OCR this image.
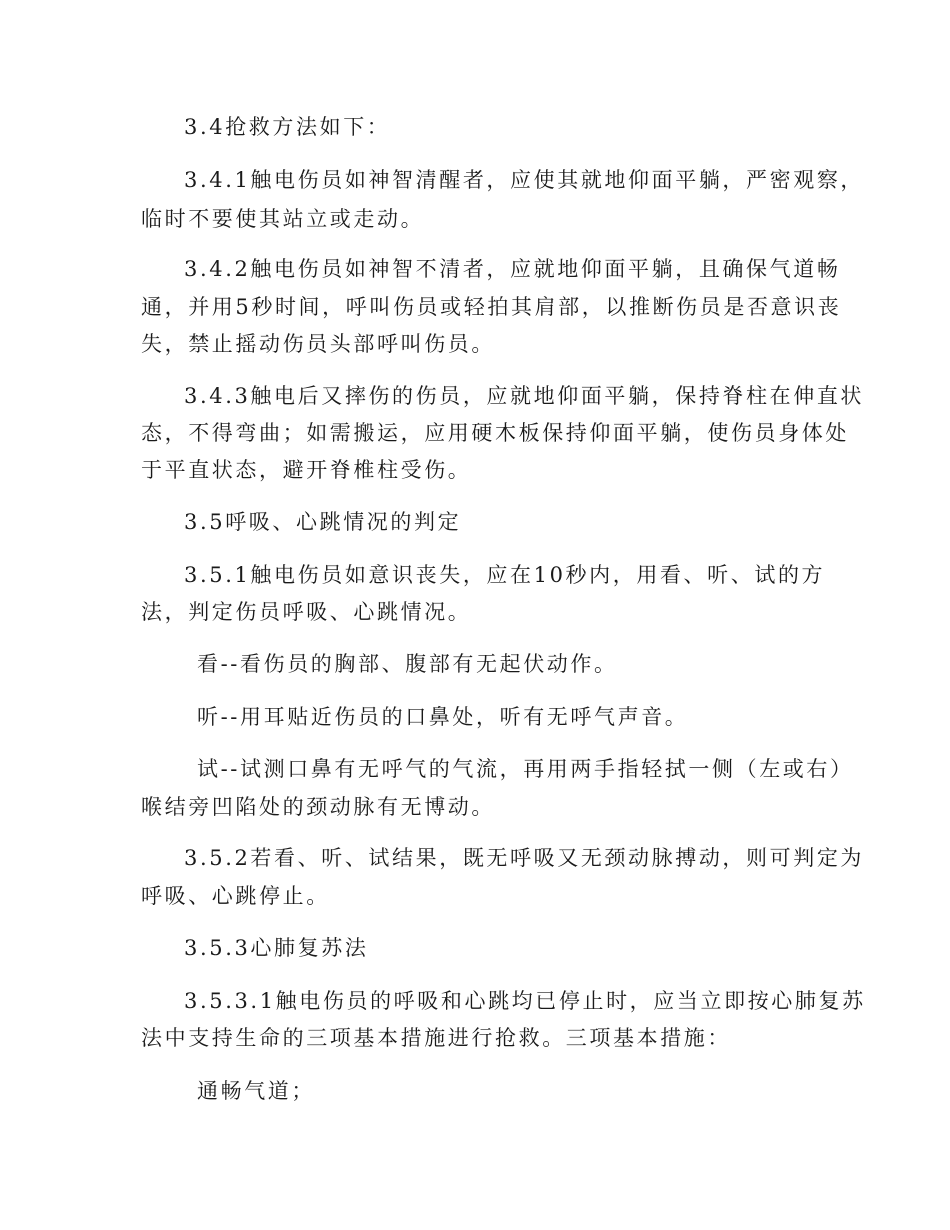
3.4抢救方法如下：
3.4.1触电伤员如神智清醒者，应使其就地仰面平躺，严密观察，
临时不要使其站立或走动。
3.4.2触电伤员如神智不清者，应就地仰面平躺，且确保气道畅
通，并用5秒时间，呼叫伤员或轻拍其肩部，以推断伤员是否意识丧
失，禁止摇动伤员头部呼叫伤员。
3.4.3触电后又摔伤的伤员，应就地仰面平躺，保持脊柱在伸直状
态，不得弯曲；如需搬运，应用硬木板保持仰面平躺，使伤员身体处
于平直状态，避开脊椎柱受伤。
3.5呼吸、心跳情况的判定
3.5.1触电伤员如意识丧失，应在10秒内，用看、听、试的方
法，判定伤员呼吸、心跳情况。
看--看伤员的胸部、腹部有无起伏动作。
听--用耳贴近伤员的口鼻处，听有无呼气声音。
试--试测口鼻有无呼气的气流，再用两手指轻拭一侧（左或右）
喉结旁凹陷处的颈动脉有无博动。
3.5.2若看、听、试结果，既无呼吸又无颈动脉搏动，则可判定为
呼吸、心跳停止。
3.5.3心肺复苏法
3.5.3.1触电伤员的呼吸和心跳均已停止时，应当立即按心肺复苏
法中支持生命的三项基本措施进行抢救。三项基本措施：
通畅气道；
